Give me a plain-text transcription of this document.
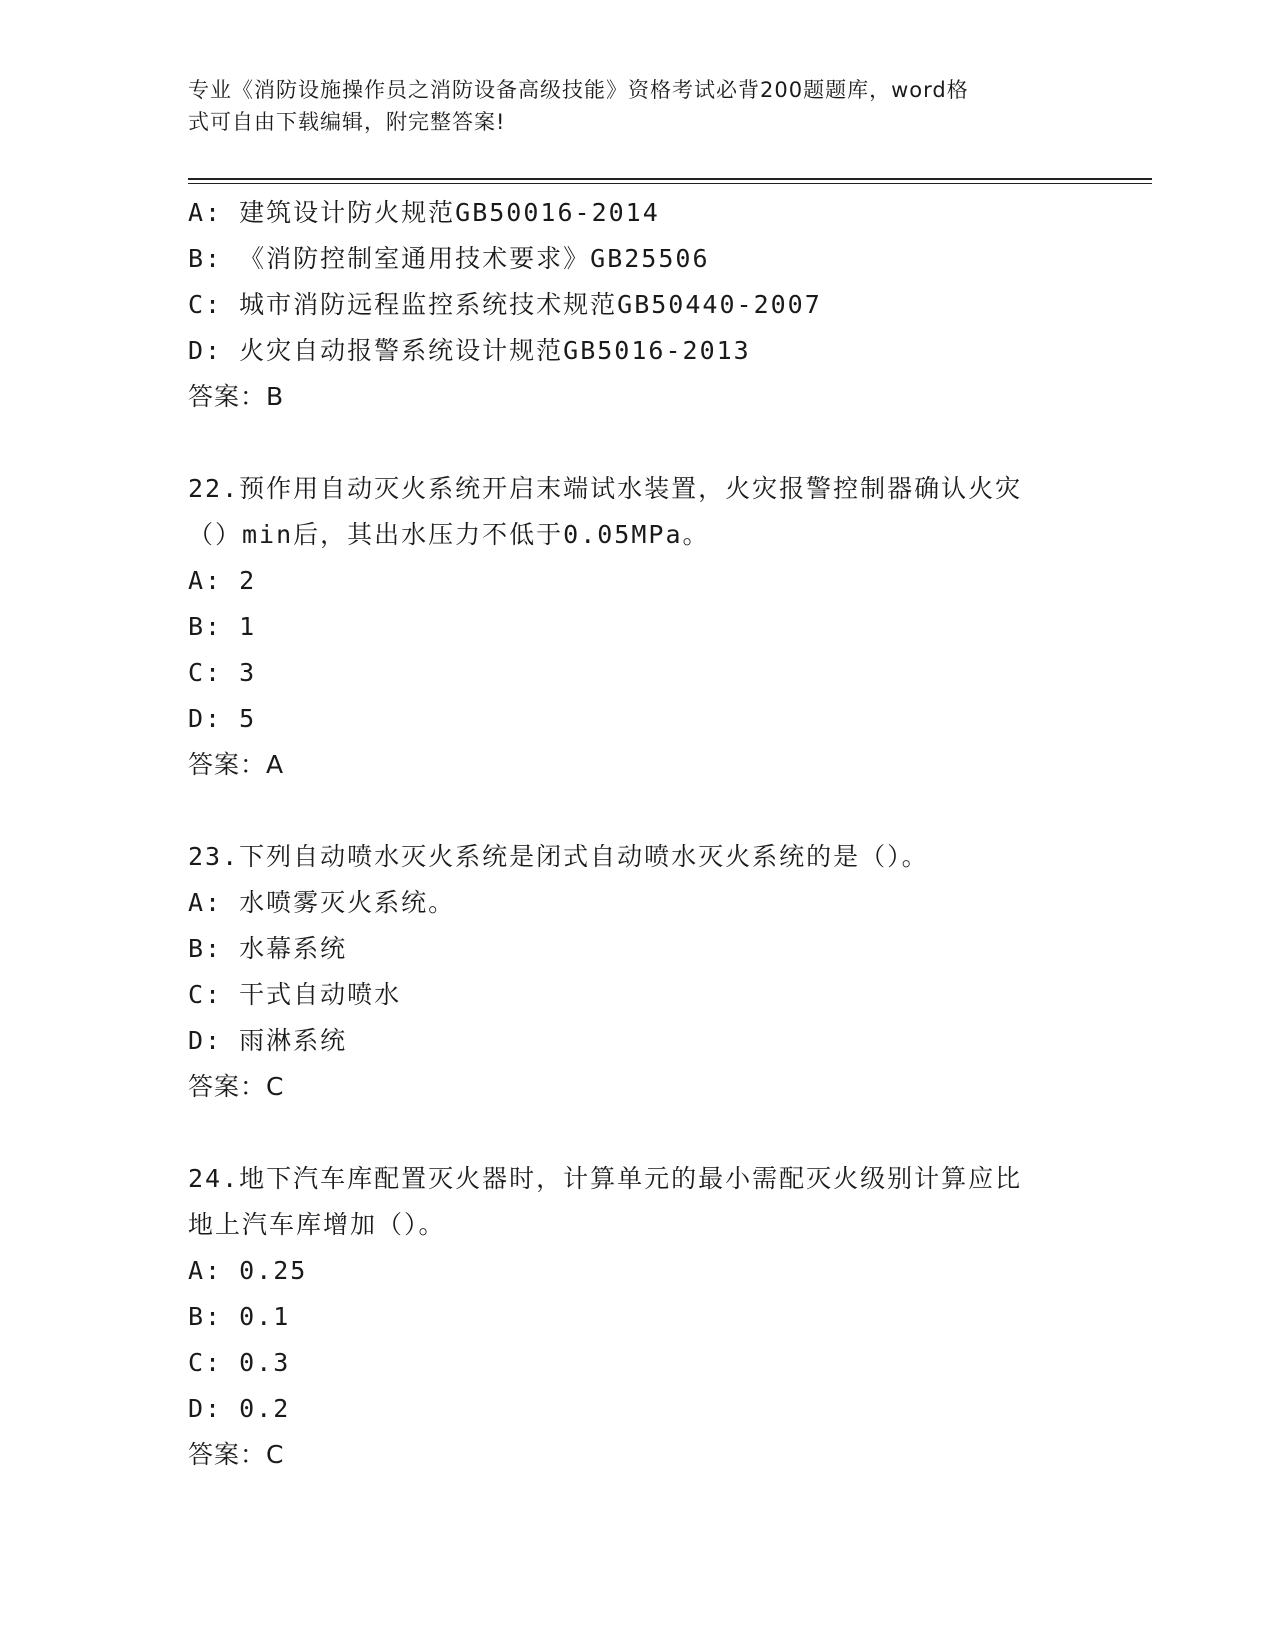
专业《消防设施操作员之消防设备高级技能》资格考试必背200题题库，word格
式可自由下载编辑，附完整答案!
A: 建筑设计防火规范GB50016-2014
B: 《消防控制室通用技术要求》GB25506
C: 城市消防远程监控系统技术规范GB50440-2007
D: 火灾自动报警系统设计规范GB5016-2013
答案：B
22.预作用自动灭火系统开启末端试水装置，火灾报警控制器确认火灾
（）min后，其出水压力不低于0.05MPa。
A: 2
B: 1
C: 3
D: 5
答案：A
23.下列自动喷水灭火系统是闭式自动喷水灭火系统的是（）。
A: 水喷雾灭火系统。
B: 水幕系统
C: 干式自动喷水
D: 雨淋系统
答案：C
24.地下汽车库配置灭火器时，计算单元的最小需配灭火级别计算应比
地上汽车库增加（）。
A: 0.25
B: 0.1
C: 0.3
D: 0.2
答案：C
